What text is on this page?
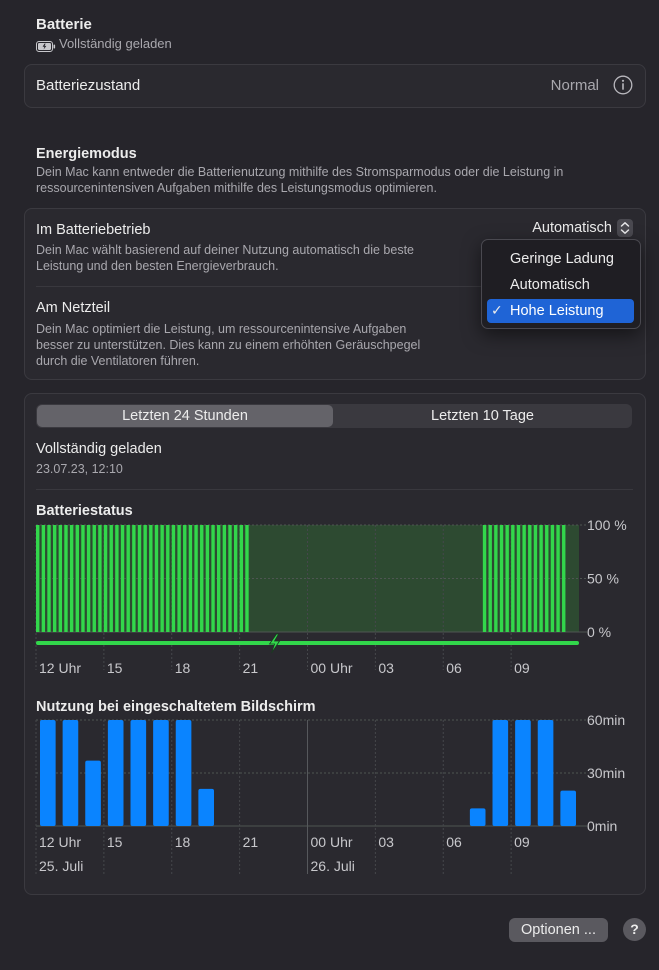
Batterie
Vollständig geladen
Batteriezustand	Normal
Energiemodus
Dein Mac kann entweder die Batterienutzung mithilfe des Stromsparmodus oder die Leistung in
ressourcenintensiven Aufgaben mithilfe des Leistungsmodus optimieren.
Im Batteriebetrieb
Dein Mac wählt basierend auf deiner Nutzung automatisch die beste
Leistung und den besten Energieverbrauch.
Automatisch
Am Netzteil
Dein Mac optimiert die Leistung, um ressourcenintensive Aufgaben
besser zu unterstützen. Dies kann zu einem erhöhten Geräuschpegel
durch die Ventilatoren führen.
Geringe Ladung
Automatisch
✓ Hohe Leistung
Letzten 24 Stunden	Letzten 10 Tage
Vollständig geladen
23.07.23, 12:10
Batteriestatus
12 Uhr 15	18	21	00 Uhr 03	06	09
100 %
50 %
0 %
Nutzung bei eingeschaltetem Bildschirm
12 Uhr 15	18	21	00 Uhr 03	06	09
25. Juli	26. Juli
60min
30min
0min
Optionen ...	?
